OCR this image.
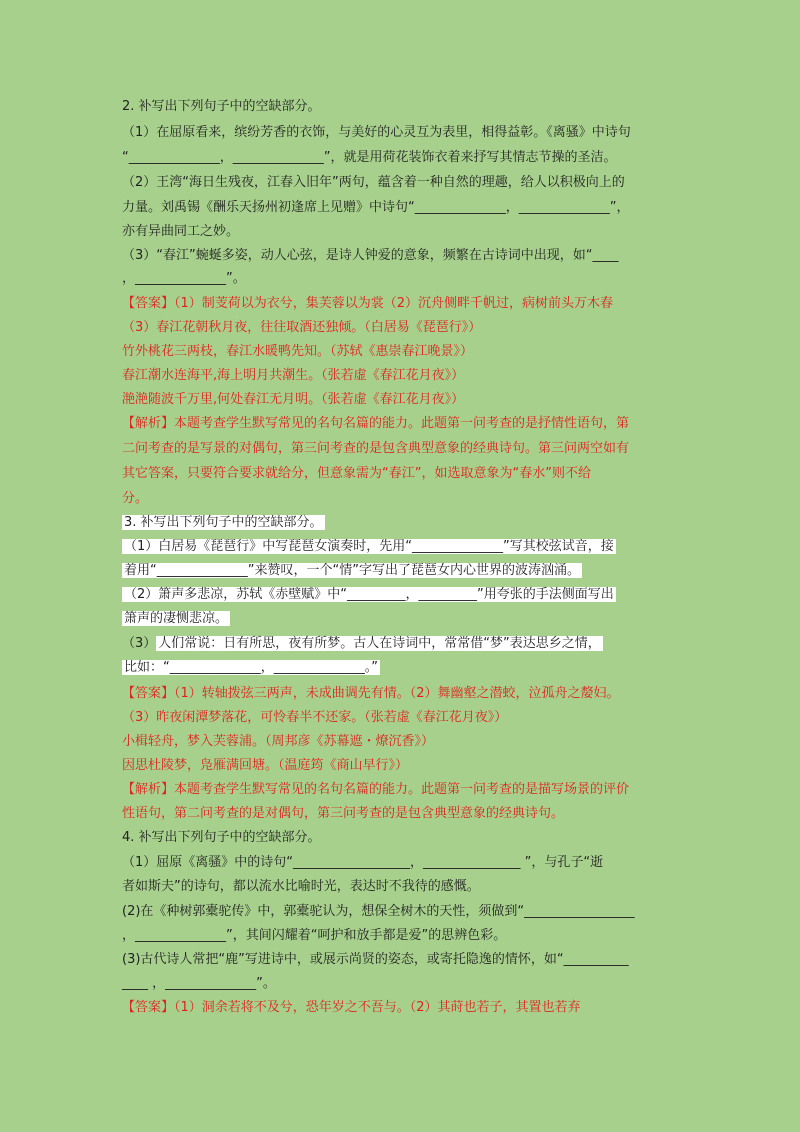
2. 补写出下列句子中的空缺部分。
（1）在屈原看来，缤纷芳香的衣饰，与美好的心灵互为表里，相得益彰。《离骚》中诗句
“______________，______________”，就是用荷花装饰衣着来抒写其情志节操的圣洁。
（2）王湾“海日生残夜，江春入旧年”两句，蕴含着一种自然的理趣，给人以积极向上的
力量。刘禹锡《酬乐天扬州初逢席上见赠》中诗句“______________，______________”，
亦有异曲同工之妙。
（3）“春江”蜿蜒多姿，动人心弦，是诗人钟爱的意象，频繁在古诗词中出现，如“____
，______________”。
【答案】（1）制芰荷以为衣兮，集芙蓉以为裳（2）沉舟侧畔千帆过，病树前头万木春
（3）春江花朝秋月夜，往往取酒还独倾。（白居易《琵琶行》）
竹外桃花三两枝，春江水暖鸭先知。（苏轼《惠崇春江晚景》）
春江潮水连海平,海上明月共潮生。（张若虚《春江花月夜》）
滟滟随波千万里,何处春江无月明。（张若虚《春江花月夜》）
【解析】本题考查学生默写常见的名句名篇的能力。此题第一问考查的是抒情性语句，第
二问考查的是写景的对偶句，第三问考查的是包含典型意象的经典诗句。第三问两空如有
其它答案，只要符合要求就给分，但意象需为“春江”，如选取意象为“春水”则不给
分。
3. 补写出下列句子中的空缺部分。
（1）白居易《琵琶行》中写琵琶女演奏时，先用“______________”写其校弦试音，接
着用“______________”来赞叹，一个“情”字写出了琵琶女内心世界的波涛汹涌。
（2）箫声多悲凉，苏轼《赤壁赋》中“_________，_________”用夸张的手法侧面写出
箫声的凄恻悲凉。
（3） 人们常说：日有所思，夜有所梦。古人在诗词中，常常借“梦”表达思乡之情，
比如：“______________，______________。”
【答案】（1）转轴拨弦三两声，未成曲调先有情。（2）舞幽壑之潜蛟，泣孤舟之嫠妇。
（3）昨夜闲潭梦落花，可怜春半不还家。（张若虚《春江花月夜》）
小楫轻舟，梦入芙蓉浦。（周邦彦《苏幕遮・燎沉香》）
因思杜陵梦，凫雁满回塘。（温庭筠《商山早行》）
【解析】本题考查学生默写常见的名句名篇的能力。此题第一问考查的是描写场景的评价
性语句，第二问考查的是对偶句，第三问考查的是包含典型意象的经典诗句。
4. 补写出下列句子中的空缺部分。
（1）屈原《离骚》中的诗句“__________________，_______________ ”，与孔子“逝
者如斯夫”的诗句，都以流水比喻时光，表达时不我待的感慨。
(2)在《种树郭橐驼传》中，郭橐驼认为，想保全树木的天性，须做到“_________________
，______________”，其间闪耀着“呵护和放手都是爱”的思辨色彩。
(3)古代诗人常把“鹿”写进诗中，或展示尚贤的姿态，或寄托隐逸的情怀，如“__________
____ ，______________”。
【答案】（1）洞余若将不及兮，恐年岁之不吾与。（2）其莳也若子，其置也若弃
